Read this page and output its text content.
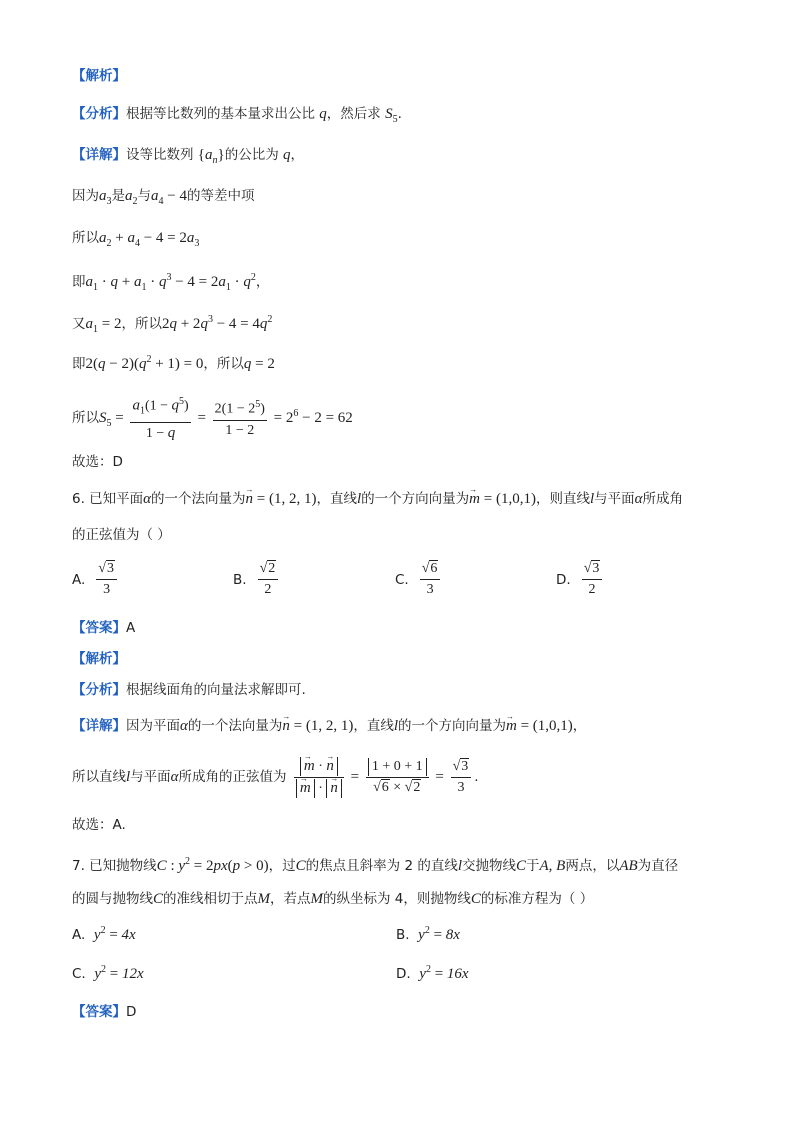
【解析】
【分析】根据等比数列的基本量求出公比 q，然后求 $S_5$.
【详解】设等比数列 $\{a_n\}$的公比为 q，
因为$a_3$是$a_2$与$a_4 - 4$的等差中项
所以$a_2 + a_4 - 4 = 2a_3$
即$a_1 \cdot q + a_1 \cdot q^3 - 4 = 2a_1 \cdot q^2$，
又$a_1 = 2$，所以$2q + 2q^3 - 4 = 4q^2$
即$2(q - 2)(q^2 + 1) = 0$，所以q = 2
所以$S_5 = \frac{a_1(1 - q^5)}{1 - q} = \frac{2(1 - 2^5)}{1 - 2} = 2^6 - 2 = 62$
故选：D
6. 已知平面α的一个法向量为→ n = (1, 2, 1)，直线l的一个方向向量为→ m = (1,0,1)，则直线l与平面α所成角
的正弦值为（ ）
A. $\frac{√3}{3}$	B. $\frac{√2}{2}$	C. $\frac{√6}{3}$	D. $\frac{√3}{2}$
【答案】A
【解析】
【分析】根据线面角的向量法求解即可.
【详解】因为平面α的一个法向量为→ n = (1, 2, 1)，直线l的一个方向向量为→ m = (1,0,1)，
所以直线l与平面α所成角的正弦值为
→ m · → n
→ m · → $n = \frac{1 + 0 + 1}{√6 \times √2} = \frac{√3}{3}$ .
故选：A.
7. 已知抛物线C : $y^2 = 2px(p > 0)$，过C的焦点且斜率为 2 的直线l交抛物线C于A, B两点，以AB为直径
的圆与抛物线C的准线相切于点M，若点M的纵坐标为 4，则抛物线C的标准方程为（ ）
A. $y^2 = 4x$	B. $y^2 = 8x$
C. $y^2 = 12x$	D. $y^2 = 16x$
【答案】D
